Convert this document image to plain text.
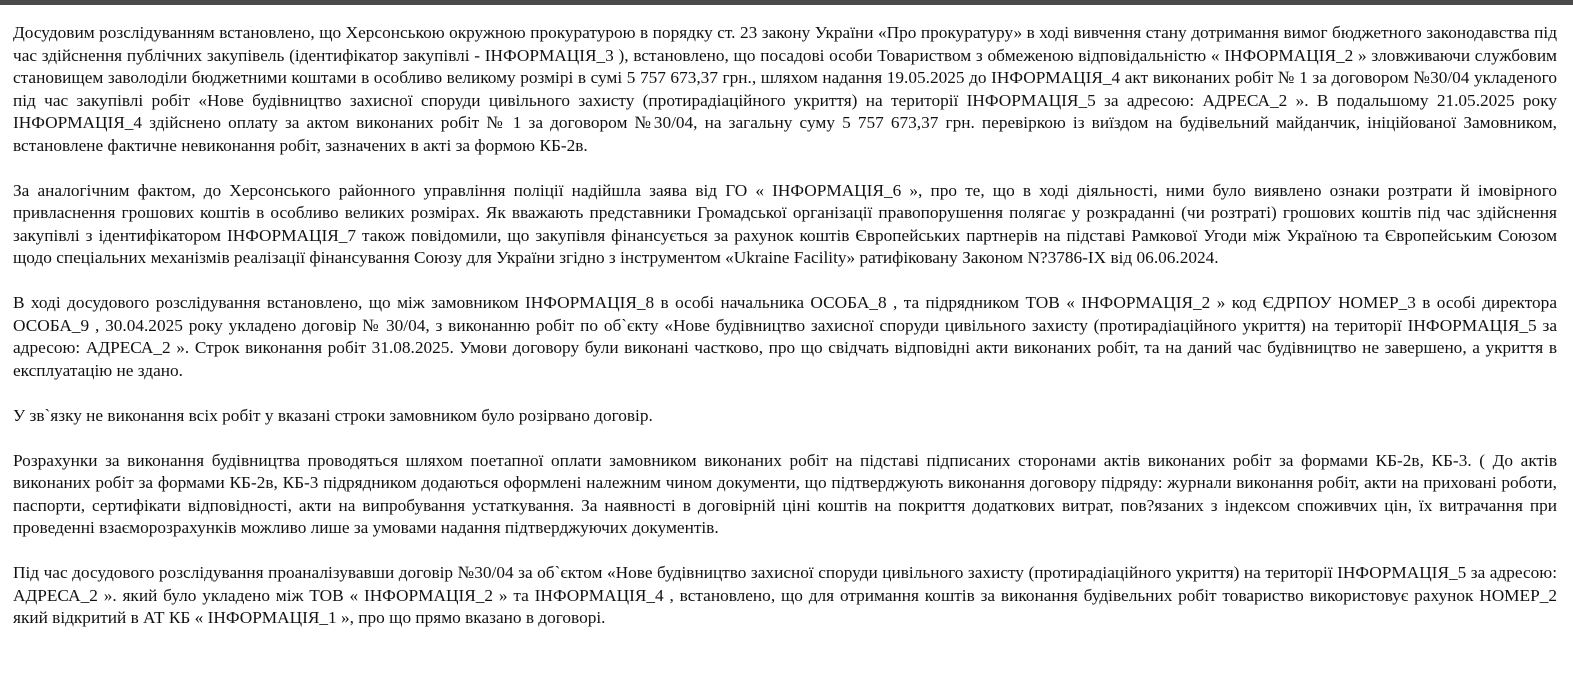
Досудовим розслідуванням встановлено, що Херсонською окружною прокуратурою в порядку ст. 23 закону України «Про прокуратуру» в ході вивчення стану дотримання вимог бюджетного законодавства під час здійснення публічних закупівель (ідентифікатор закупівлі - ІНФОРМАЦІЯ_3 ), встановлено, що посадові особи Товариством з обмеженою відповідальністю « ІНФОРМАЦІЯ_2 » зловживаючи службовим становищем заволоділи бюджетними коштами в особливо великому розмірі в сумі 5 757 673,37 грн., шляхом надання 19.05.2025 до ІНФОРМАЦІЯ_4 акт виконаних робіт № 1 за договором №30/04 укладеного під час закупівлі робіт «Нове будівництво захисної споруди цивільного захисту (протирадіаційного укриття) на території ІНФОРМАЦІЯ_5 за адресою: АДРЕСА_2 ». В подальшому 21.05.2025 року ІНФОРМАЦІЯ_4 здійснено оплату за актом виконаних робіт № 1 за договором №30/04, на загальну суму 5 757 673,37 грн. перевіркою із виїздом на будівельний майданчик, ініційованої Замовником, встановлене фактичне невиконання робіт, зазначених в акті за формою КБ-2в.

За аналогічним фактом, до Херсонського районного управління поліції надійшла заява від ГО « ІНФОРМАЦІЯ_6 », про те, що в ході діяльності, ними було виявлено ознаки розтрати й імовірного привласнення грошових коштів в особливо великих розмірах. Як вважають представники Громадської організації правопорушення полягає у розкраданні (чи розтраті) грошових коштів під час здійснення закупівлі з ідентифікатором ІНФОРМАЦІЯ_7 також повідомили, що закупівля фінансується за рахунок коштів Європейських партнерів на підставі Рамкової Угоди між Україною та Європейським Союзом щодо спеціальних механізмів реалізації фінансування Союзу для України згідно з інструментом «Ukraine Facility» ратифіковану Законом N?3786-IX від 06.06.2024.

В ході досудового розслідування встановлено, що між замовником ІНФОРМАЦІЯ_8 в особі начальника ОСОБА_8 , та підрядником ТОВ « ІНФОРМАЦІЯ_2 » код ЄДРПОУ НОМЕР_3 в особі директора ОСОБА_9 , 30.04.2025 року укладено договір № 30/04, з виконанню робіт по об`єкту «Нове будівництво захисної споруди цивільного захисту (протирадіаційного укриття) на території ІНФОРМАЦІЯ_5 за адресою: АДРЕСА_2 ». Строк виконання робіт 31.08.2025. Умови договору були виконані частково, про що свідчать відповідні акти виконаних робіт, та на даний час будівництво не завершено, а укриття в експлуатацію не здано.

У зв`язку не виконання всіх робіт у вказані строки замовником було розірвано договір.

Розрахунки за виконання будівництва проводяться шляхом поетапної оплати замовником виконаних робіт на підставі підписаних сторонами актів виконаних робіт за формами КБ-2в, КБ-3. ( До актів виконаних робіт за формами КБ-2в, КБ-3 підрядником додаються оформлені належним чином документи, що підтверджують виконання договору підряду: журнали виконання робіт, акти на приховані роботи, паспорти, сертифікати відповідності, акти на випробування устаткування. За наявності в договірній ціні коштів на покриття додаткових витрат, пов?язаних з індексом споживчих цін, їх витрачання при проведенні взаєморозрахунків можливо лише за умовами надання підтверджуючих документів.

Під час досудового розслідування проаналізувавши договір №30/04 за об`єктом «Нове будівництво захисної споруди цивільного захисту (протирадіаційного укриття) на території ІНФОРМАЦІЯ_5 за адресою: АДРЕСА_2 ». який було укладено між ТОВ « ІНФОРМАЦІЯ_2 » та ІНФОРМАЦІЯ_4 , встановлено, що для отримання коштів за виконання будівельних робіт товариство використовує рахунок НОМЕР_2 який відкритий в АТ КБ « ІНФОРМАЦІЯ_1 », про що прямо вказано в договорі.
